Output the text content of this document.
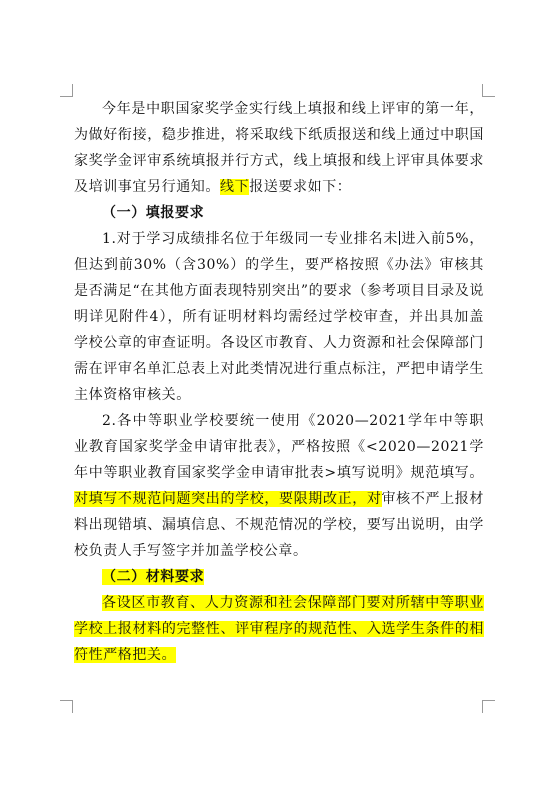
今年是中职国家奖学金实行线上填报和线上评审的第一年，为做好衔接，稳步推进，将采取线下纸质报送和线上通过中职国家奖学金评审系统填报并行方式，线上填报和线上评审具体要求及培训事宜另行通知。线下报送要求如下：

（一）填报要求

1.对于学习成绩排名位于年级同一专业排名未 进入前5%，但达到前30%（含30%）的学生，要严格按照《办法》审核其是否满足“在其他方面表现特别突出”的要求（参考项目目录及说明详见附件4），所有证明材料均需经过学校审查，并出具加盖学校公章的审查证明。各设区市教育、人力资源和社会保障部门需在评审名单汇总表上对此类情况进行重点标注，严把申请学生主体资格审核关。

2.各中等职业学校要统一使用《2020—2021学年中等职业教育国家奖学金申请审批表》，严格按照《<2020—2021学年中等职业教育国家奖学金申请审批表>填写说明》规范填写。对填写不规范问题突出的学校，要限期改正，对审核不严上报材料出现错填、漏填信息、不规范情况的学校，要写出说明，由学校负责人手写签字并加盖学校公章。

（二）材料要求

各设区市教育、人力资源和社会保障部门要对所辖中等职业学校上报材料的完整性、评审程序的规范性、入选学生条件的相符性严格把关。
